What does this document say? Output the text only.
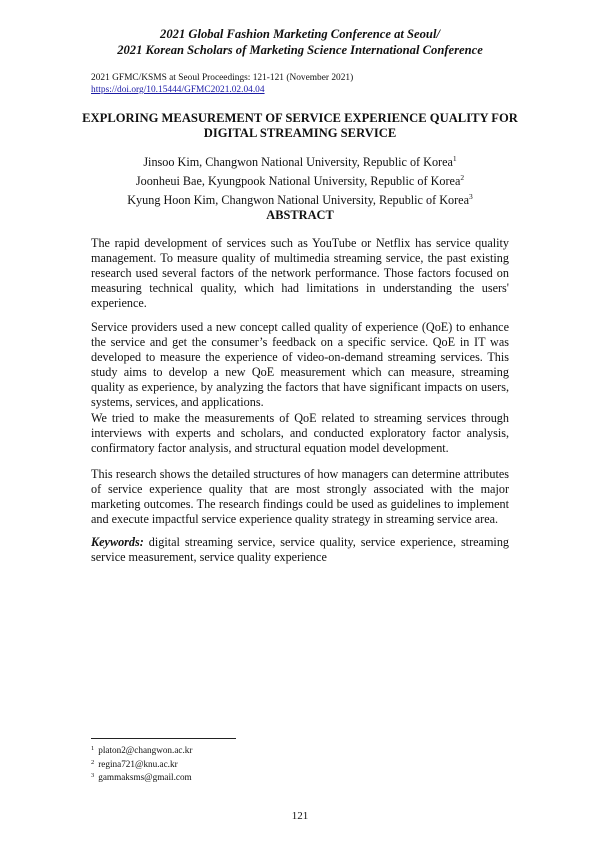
2021 Global Fashion Marketing Conference at Seoul/
2021 Korean Scholars of Marketing Science International Conference
2021 GFMC/KSMS at Seoul Proceedings: 121-121 (November 2021)
https://doi.org/10.15444/GFMC2021.02.04.04
EXPLORING MEASUREMENT OF SERVICE EXPERIENCE QUALITY FOR
DIGITAL STREAMING SERVICE
Jinsoo Kim, Changwon National University, Republic of Korea$^1$
Joonheui Bae, Kyungpook National University, Republic of Korea$^2$
Kyung Hoon Kim, Changwon National University, Republic of Korea$^3$
ABSTRACT

The rapid development of services such as YouTube or Netflix has service quality management. To measure quality of multimedia streaming service, the past existing research used several factors of the network performance. Those factors focused on measuring technical quality, which had limitations in understanding the users' experience.

Service providers used a new concept called quality of experience (QoE) to enhance the service and get the consumer’s feedback on a specific service. QoE in IT was developed to measure the experience of video-on-demand streaming services. This study aims to develop a new QoE measurement which can measure, streaming quality as experience, by analyzing the factors that have significant impacts on users, systems, services, and applications.

We tried to make the measurements of QoE related to streaming services through interviews with experts and scholars, and conducted exploratory factor analysis, confirmatory factor analysis, and structural equation model development.

This research shows the detailed structures of how managers can determine attributes of service experience quality that are most strongly associated with the major marketing outcomes. The research findings could be used as guidelines to implement and execute impactful service experience quality strategy in streaming service area.

Keywords: digital streaming service, service quality, service experience, streaming service measurement, service quality experience

$^1$ platon2@changwon.ac.kr
$^2$ regina721@knu.ac.kr
$^3$ gammaksms@gmail.com
121
